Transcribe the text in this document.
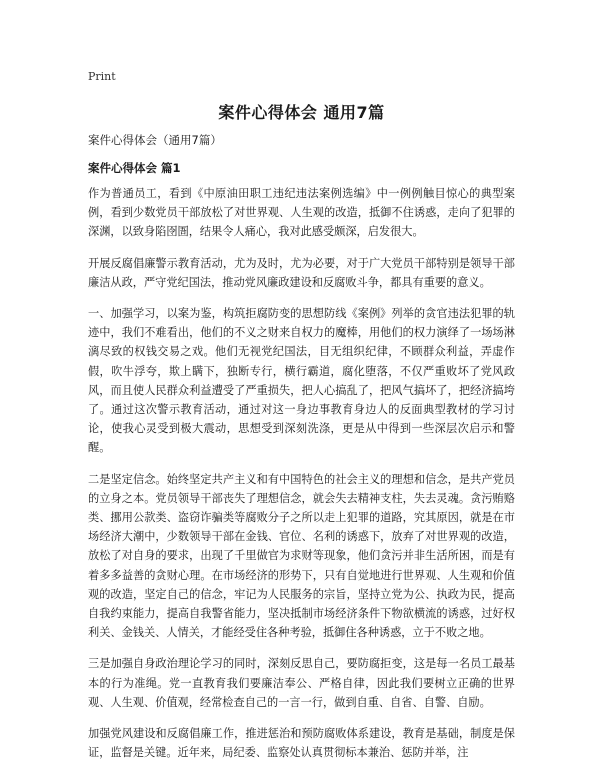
Print
案件心得体会 通用7篇
案件心得体会（通用7篇）
案件心得体会 篇1

作为普通员工，看到《中原油田职工违纪违法案例选编》中一例例触目惊心的典型案例，看到少数党员干部放松了对世界观、人生观的改造，抵御不住诱惑，走向了犯罪的深渊，以致身陷囹圄，结果令人痛心，我对此感受颇深，启发很大。

开展反腐倡廉警示教育活动，尤为及时，尤为必要，对于广大党员干部特别是领导干部廉洁从政，严守党纪国法，推动党风廉政建设和反腐败斗争，都具有重要的意义。

一、加强学习，以案为鉴，构筑拒腐防变的思想防线《案例》列举的贪官违法犯罪的轨迹中，我们不难看出，他们的不义之财来自权力的魔棒，用他们的权力演绎了一场场淋漓尽致的权钱交易之戏。他们无视党纪国法，目无组织纪律，不顾群众利益，弄虚作假，吹牛浮夸，欺上瞒下，独断专行，横行霸道，腐化堕落，不仅严重败坏了党风政风，而且使人民群众利益遭受了严重损失，把人心搞乱了，把风气搞坏了，把经济搞垮了。通过这次警示教育活动，通过对这一身边事教育身边人的反面典型教材的学习讨论，使我心灵受到极大震动，思想受到深刻洗涤，更是从中得到一些深层次启示和警醒。

二是坚定信念。始终坚定共产主义和有中国特色的社会主义的理想和信念，是共产党员的立身之本。党员领导干部丧失了理想信念，就会失去精神支柱，失去灵魂。贪污贿赂类、挪用公款类、盗窃诈骗类等腐败分子之所以走上犯罪的道路，究其原因，就是在市场经济大潮中，少数领导干部在金钱、官位、名利的诱惑下，放弃了对世界观的改造，放松了对自身的要求，出现了千里做官为求财等现象，他们贪污并非生活所困，而是有着多多益善的贪财心理。在市场经济的形势下，只有自觉地进行世界观、人生观和价值观的改造，坚定自己的信念，牢记为人民服务的宗旨，坚持立党为公、执政为民，提高自我约束能力，提高自我警省能力，坚决抵制市场经济条件下物欲横流的诱惑，过好权利关、金钱关、人情关，才能经受住各种考验，抵御住各种诱惑，立于不败之地。

三是加强自身政治理论学习的同时，深刻反思自己，要防腐拒变，这是每一名员工最基本的行为准绳。党一直教育我们要廉洁奉公、严格自律，因此我们要树立正确的世界观、人生观、价值观，经常检查自己的一言一行，做到自重、自省、自警、自励。

加强党风建设和反腐倡廉工作，推进惩治和预防腐败体系建设，教育是基础，制度是保证，监督是关键。近年来，局纪委、监察处认真贯彻标本兼治、惩防并举，注
